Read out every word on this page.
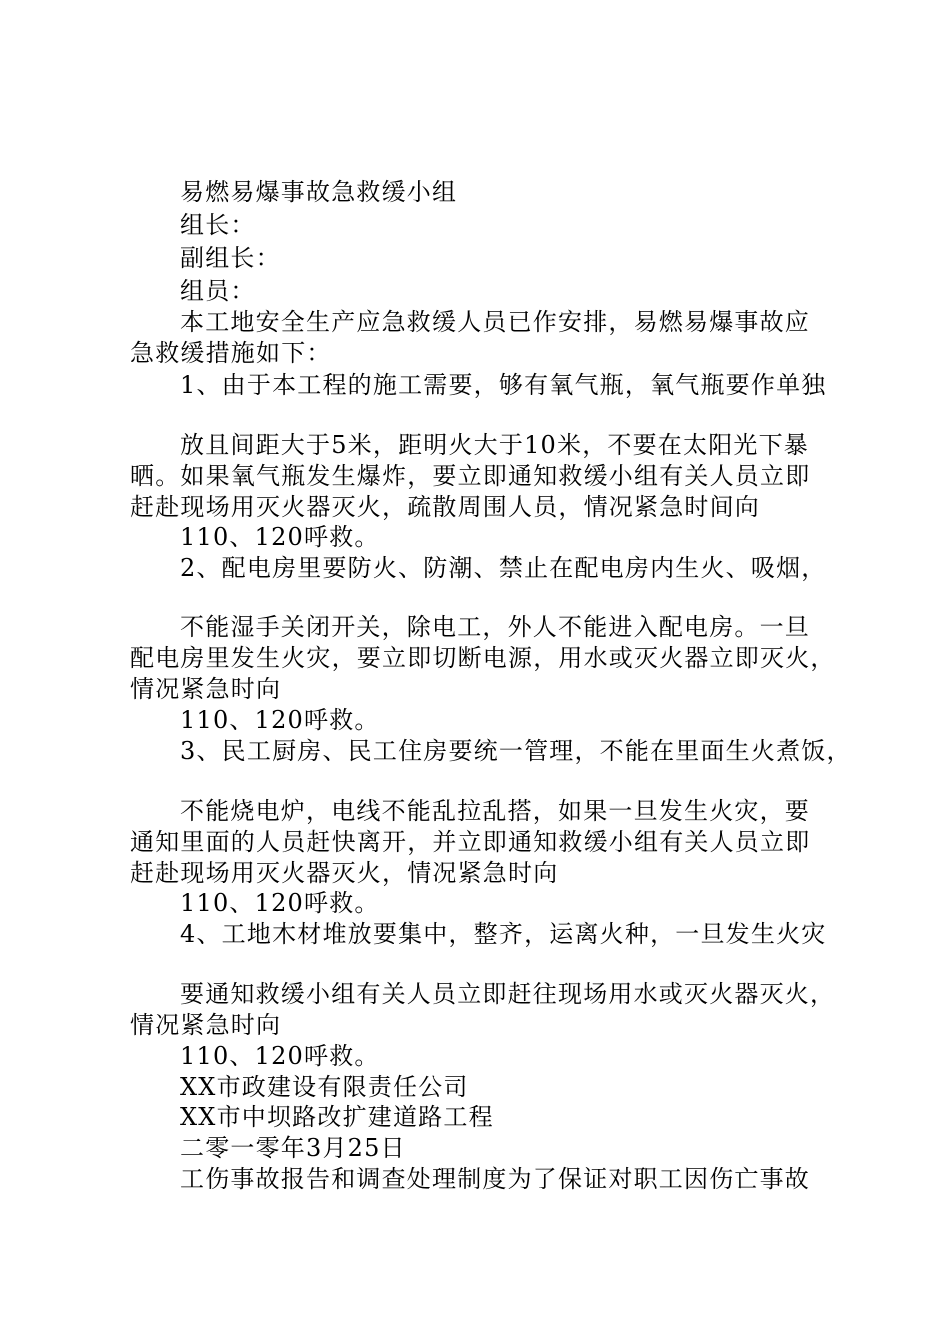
易燃易爆事故急救缓小组
组长：
副组长：
组员：
本工地安全生产应急救缓人员已作安排，易燃易爆事故应
急救缓措施如下：
1、由于本工程的施工需要，够有氧气瓶，氧气瓶要作单独
放且间距大于5米，距明火大于10米，不要在太阳光下暴
晒。如果氧气瓶发生爆炸，要立即通知救缓小组有关人员立即
赶赴现场用灭火器灭火，疏散周围人员，情况紧急时间向
110、120呼救。
2、配电房里要防火、防潮、禁止在配电房内生火、吸烟，
不能湿手关闭开关，除电工，外人不能进入配电房。一旦
配电房里发生火灾，要立即切断电源，用水或灭火器立即灭火，
情况紧急时向
110、120呼救。
3、民工厨房、民工住房要统一管理，不能在里面生火煮饭，
不能烧电炉，电线不能乱拉乱搭，如果一旦发生火灾，要
通知里面的人员赶快离开，并立即通知救缓小组有关人员立即
赶赴现场用灭火器灭火，情况紧急时向
110、120呼救。
4、工地木材堆放要集中，整齐，运离火种，一旦发生火灾
要通知救缓小组有关人员立即赶往现场用水或灭火器灭火，
情况紧急时向
110、120呼救。
XX市政建设有限责任公司
XX市中坝路改扩建道路工程
二零一零年3月25日
工伤事故报告和调查处理制度为了保证对职工因伤亡事故
